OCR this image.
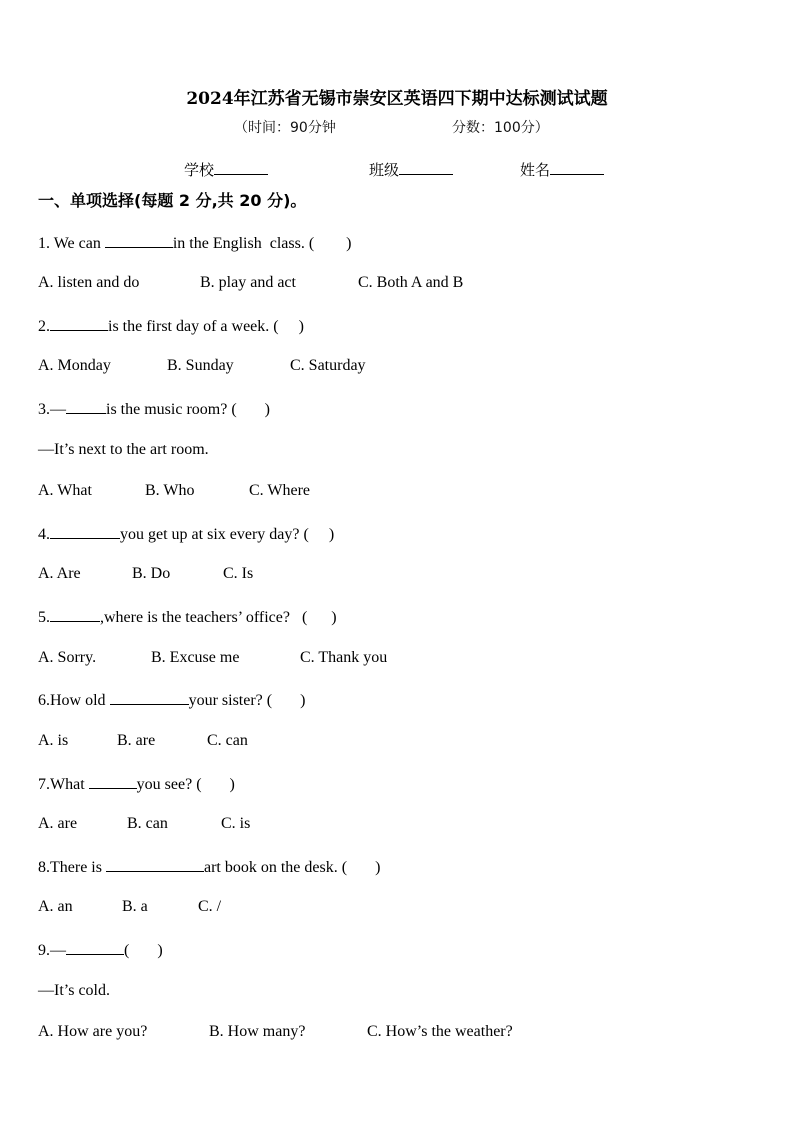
2024年江苏省无锡市崇安区英语四下期中达标测试试题
（时间：90分钟	分数：100分）
学校	班级	姓名
一、单项选择(每题 2 分,共 20 分)。
1. We can	in the English  class. (        )
A. listen and do	B. play and act	C. Both A and B
2.	is the first day of a week. (     )
A. Monday	B. Sunday	C. Saturday
3.—	is the music room? (       )
—It’s next to the art room.
A. What	B. Who	C. Where
4.	you get up at six every day? (     )
A. Are	B. Do	C. Is
5.	,where is the teachers’ office?   (      )
A. Sorry.	B. Excuse me	C. Thank you
6.How old	your sister? (       )
A. is	B. are	C. can
7.What	you see? (       )
A. are	B. can	C. is
8.There is	art book on the desk. (       )
A. an	B. a	C. /
9.—	(       )
—It’s cold.
A. How are you?	B. How many?	C. How’s the weather?
